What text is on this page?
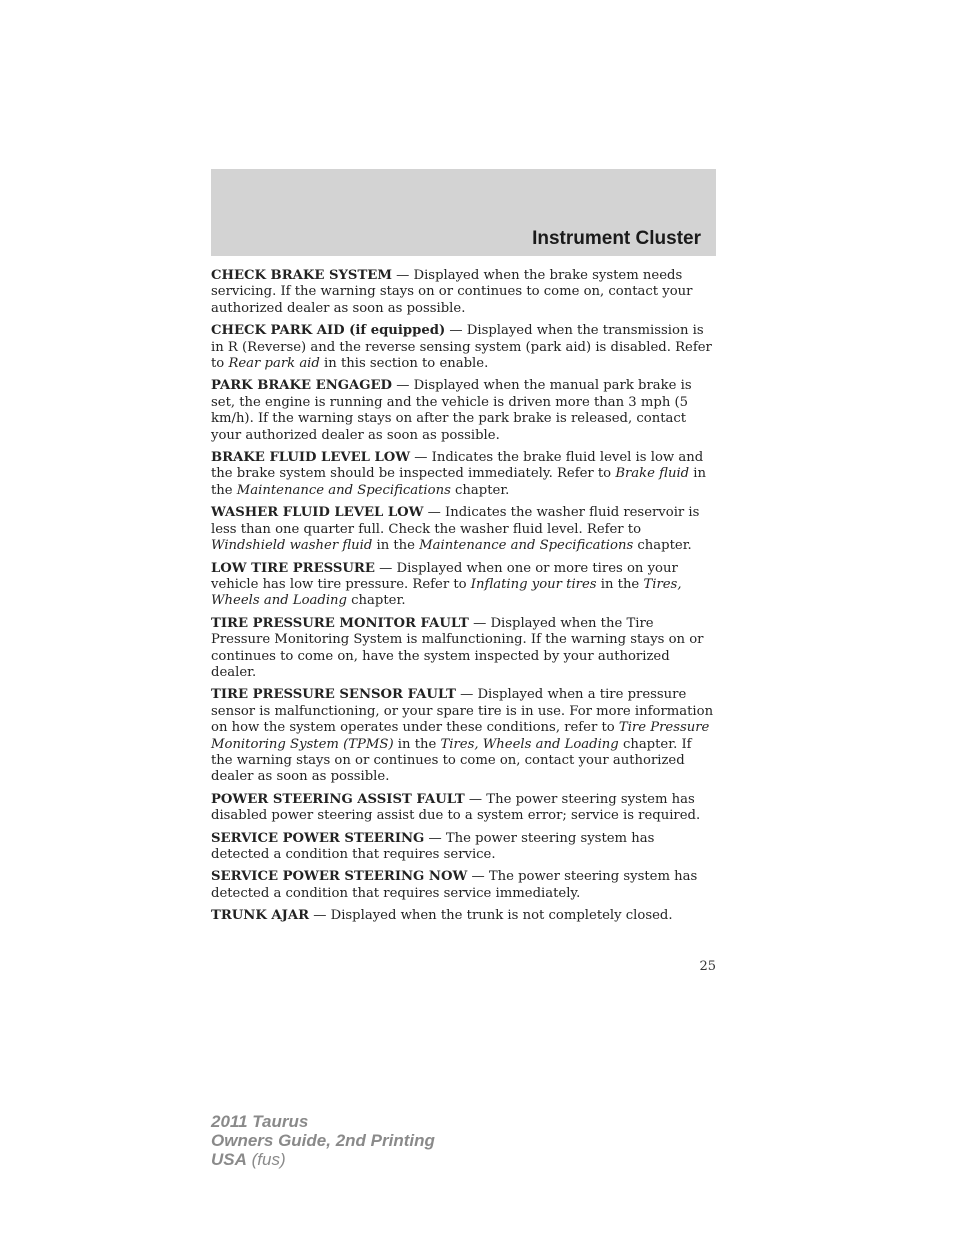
Instrument Cluster

CHECK BRAKE SYSTEM — Displayed when the brake system needs servicing. If the warning stays on or continues to come on, contact your authorized dealer as soon as possible.

CHECK PARK AID (if equipped) — Displayed when the transmission is in R (Reverse) and the reverse sensing system (park aid) is disabled. Refer to Rear park aid in this section to enable.

PARK BRAKE ENGAGED — Displayed when the manual park brake is set, the engine is running and the vehicle is driven more than 3 mph (5 km/h). If the warning stays on after the park brake is released, contact your authorized dealer as soon as possible.

BRAKE FLUID LEVEL LOW — Indicates the brake fluid level is low and the brake system should be inspected immediately. Refer to Brake fluid in the Maintenance and Specifications chapter.

WASHER FLUID LEVEL LOW — Indicates the washer fluid reservoir is less than one quarter full. Check the washer fluid level. Refer to Windshield washer fluid in the Maintenance and Specifications chapter.

LOW TIRE PRESSURE — Displayed when one or more tires on your vehicle has low tire pressure. Refer to Inflating your tires in the Tires, Wheels and Loading chapter.

TIRE PRESSURE MONITOR FAULT — Displayed when the Tire Pressure Monitoring System is malfunctioning. If the warning stays on or continues to come on, have the system inspected by your authorized dealer.

TIRE PRESSURE SENSOR FAULT — Displayed when a tire pressure sensor is malfunctioning, or your spare tire is in use. For more information on how the system operates under these conditions, refer to Tire Pressure Monitoring System (TPMS) in the Tires, Wheels and Loading chapter. If the warning stays on or continues to come on, contact your authorized dealer as soon as possible.

POWER STEERING ASSIST FAULT — The power steering system has disabled power steering assist due to a system error; service is required.

SERVICE POWER STEERING — The power steering system has detected a condition that requires service.

SERVICE POWER STEERING NOW — The power steering system has detected a condition that requires service immediately.

TRUNK AJAR — Displayed when the trunk is not completely closed.

25
2011 Taurus
Owners Guide, 2nd Printing
USA (fus)
